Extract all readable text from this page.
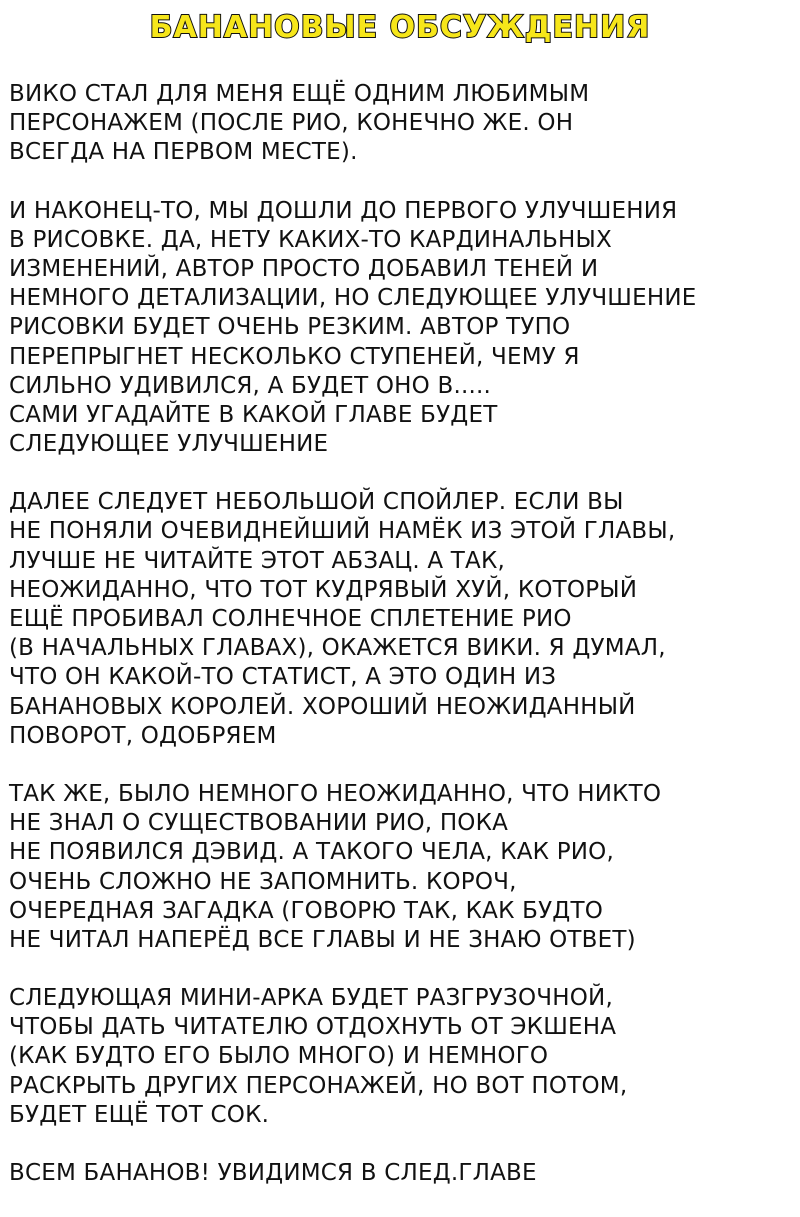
БАНАНОВЫЕ ОБСУЖДЕНИЯ
ВИКО СТАЛ ДЛЯ МЕНЯ ЕЩЁ ОДНИМ ЛЮБИМЫМ
ПЕРСОНАЖЕМ (ПОСЛЕ РИО, КОНЕЧНО ЖЕ. ОН
ВСЕГДА НА ПЕРВОМ МЕСТЕ).
И НАКОНЕЦ-ТО, МЫ ДОШЛИ ДО ПЕРВОГО УЛУЧШЕНИЯ
В РИСОВКЕ. ДА, НЕТУ КАКИХ-ТО КАРДИНАЛЬНЫХ
ИЗМЕНЕНИЙ, АВТОР ПРОСТО ДОБАВИЛ ТЕНЕЙ И
НЕМНОГО ДЕТАЛИЗАЦИИ, НО СЛЕДУЮЩЕЕ УЛУЧШЕНИЕ
РИСОВКИ БУДЕТ ОЧЕНЬ РЕЗКИМ. АВТОР ТУПО
ПЕРЕПРЫГНЕТ НЕСКОЛЬКО СТУПЕНЕЙ, ЧЕМУ Я
СИЛЬНО УДИВИЛСЯ, А БУДЕТ ОНО В.....
САМИ УГАДАЙТЕ В КАКОЙ ГЛАВЕ БУДЕТ
СЛЕДУЮЩЕЕ УЛУЧШЕНИЕ
ДАЛЕЕ СЛЕДУЕТ НЕБОЛЬШОЙ СПОЙЛЕР. ЕСЛИ ВЫ
НЕ ПОНЯЛИ ОЧЕВИДНЕЙШИЙ НАМЁК ИЗ ЭТОЙ ГЛАВЫ,
ЛУЧШЕ НЕ ЧИТАЙТЕ ЭТОТ АБЗАЦ. А ТАК,
НЕОЖИДАННО, ЧТО ТОТ КУДРЯВЫЙ ХУЙ, КОТОРЫЙ
ЕЩЁ ПРОБИВАЛ СОЛНЕЧНОЕ СПЛЕТЕНИЕ РИО
(В НАЧАЛЬНЫХ ГЛАВАХ), ОКАЖЕТСЯ ВИКИ. Я ДУМАЛ,
ЧТО ОН КАКОЙ-ТО СТАТИСТ, А ЭТО ОДИН ИЗ
БАНАНОВЫХ КОРОЛЕЙ. ХОРОШИЙ НЕОЖИДАННЫЙ
ПОВОРОТ, ОДОБРЯЕМ
ТАК ЖЕ, БЫЛО НЕМНОГО НЕОЖИДАННО, ЧТО НИКТО
НЕ ЗНАЛ О СУЩЕСТВОВАНИИ РИО, ПОКА
НЕ ПОЯВИЛСЯ ДЭВИД. А ТАКОГО ЧЕЛА, КАК РИО,
ОЧЕНЬ СЛОЖНО НЕ ЗАПОМНИТЬ. КОРОЧ,
ОЧЕРЕДНАЯ ЗАГАДКА (ГОВОРЮ ТАК, КАК БУДТО
НЕ ЧИТАЛ НАПЕРЁД ВСЕ ГЛАВЫ И НЕ ЗНАЮ ОТВЕТ)
СЛЕДУЮЩАЯ МИНИ-АРКА БУДЕТ РАЗГРУЗОЧНОЙ,
ЧТОБЫ ДАТЬ ЧИТАТЕЛЮ ОТДОХНУТЬ ОТ ЭКШЕНА
(КАК БУДТО ЕГО БЫЛО МНОГО) И НЕМНОГО
РАСКРЫТЬ ДРУГИХ ПЕРСОНАЖЕЙ, НО ВОТ ПОТОМ,
БУДЕТ ЕЩЁ ТОТ СОК.
ВСЕМ БАНАНОВ! УВИДИМСЯ В СЛЕД.ГЛАВЕ
